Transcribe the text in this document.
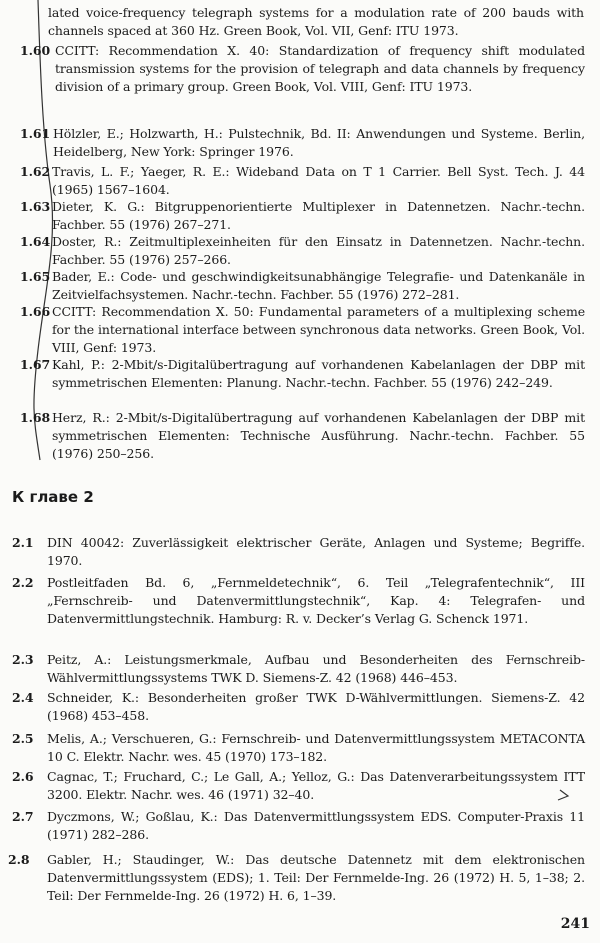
lated voice-frequency telegraph systems for a modulation rate of 200 bauds with channels spaced at 360 Hz. Green Book, Vol. VII, Genf: ITU 1973.
1.60 CCITT: Recommendation X. 40: Standardization of frequency shift modulated transmission systems for the provision of telegraph and data channels by frequency division of a primary group. Green Book, Vol. VIII, Genf: ITU 1973.
1.61 Hölzler, E.; Holzwarth, H.: Pulstechnik, Bd. II: Anwendungen und Systeme. Berlin, Heidelberg, New York: Springer 1976.
1.62 Travis, L. F.; Yaeger, R. E.: Wideband Data on T 1 Carrier. Bell Syst. Tech. J. 44 (1965) 1567–1604.
1.63 Dieter, K. G.: Bitgruppenorientierte Multiplexer in Datennetzen. Nachr.-techn. Fachber. 55 (1976) 267–271.
1.64 Doster, R.: Zeitmultiplexeinheiten für den Einsatz in Datennetzen. Nachr.-techn. Fachber. 55 (1976) 257–266.
1.65 Bader, E.: Code- und geschwindigkeitsunabhängige Telegrafie- und Datenkanäle in Zeitvielfachsystemen. Nachr.-techn. Fachber. 55 (1976) 272–281.
1.66 CCITT: Recommendation X. 50: Fundamental parameters of a multiplexing scheme for the international interface between synchronous data networks. Green Book, Vol. VIII, Genf: 1973.
1.67 Kahl, P.: 2-Mbit/s-Digitalübertragung auf vorhandenen Kabelanlagen der DBP mit symmetrischen Elementen: Planung. Nachr.-techn. Fachber. 55 (1976) 242–249.
1.68 Herz, R.: 2-Mbit/s-Digitalübertragung auf vorhandenen Kabelanlagen der DBP mit symmetrischen Elementen: Technische Ausführung. Nachr.-techn. Fachber. 55 (1976) 250–256.
К главе 2
2.1 DIN 40042: Zuverlässigkeit elektrischer Geräte, Anlagen und Systeme; Begriffe. 1970.
2.2 Postleitfaden Bd. 6, „Fernmeldetechnik“, 6. Teil „Telegrafentechnik“, III „Fernschreib- und Datenvermittlungstechnik“, Kap. 4: Telegrafen- und Datenvermittlungstechnik. Hamburg: R. v. Decker’s Verlag G. Schenck 1971.
2.3 Peitz, A.: Leistungsmerkmale, Aufbau und Besonderheiten des Fernschreib-Wählvermittlungssystems TWK D. Siemens-Z. 42 (1968) 446–453.
2.4 Schneider, K.: Besonderheiten großer TWK D-Wählvermittlungen. Siemens-Z. 42 (1968) 453–458.
2.5 Melis, A.; Verschueren, G.: Fernschreib- und Datenvermittlungssystem METACONTA 10 C. Elektr. Nachr. wes. 45 (1970) 173–182.
2.6 Cagnac, T.; Fruchard, C.; Le Gall, A.; Yelloz, G.: Das Datenverarbeitungssystem ITT 3200. Elektr. Nachr. wes. 46 (1971) 32–40.
2.7 Dyczmons, W.; Goßlau, K.: Das Datenvermittlungssystem EDS. Computer-Praxis 11 (1971) 282–286.
2.8 Gabler, H.; Staudinger, W.: Das deutsche Datennetz mit dem elektronischen Datenvermittlungssystem (EDS); 1. Teil: Der Fernmelde-Ing. 26 (1972) H. 5, 1–38; 2. Teil: Der Fernmelde-Ing. 26 (1972) H. 6, 1–39.
241
